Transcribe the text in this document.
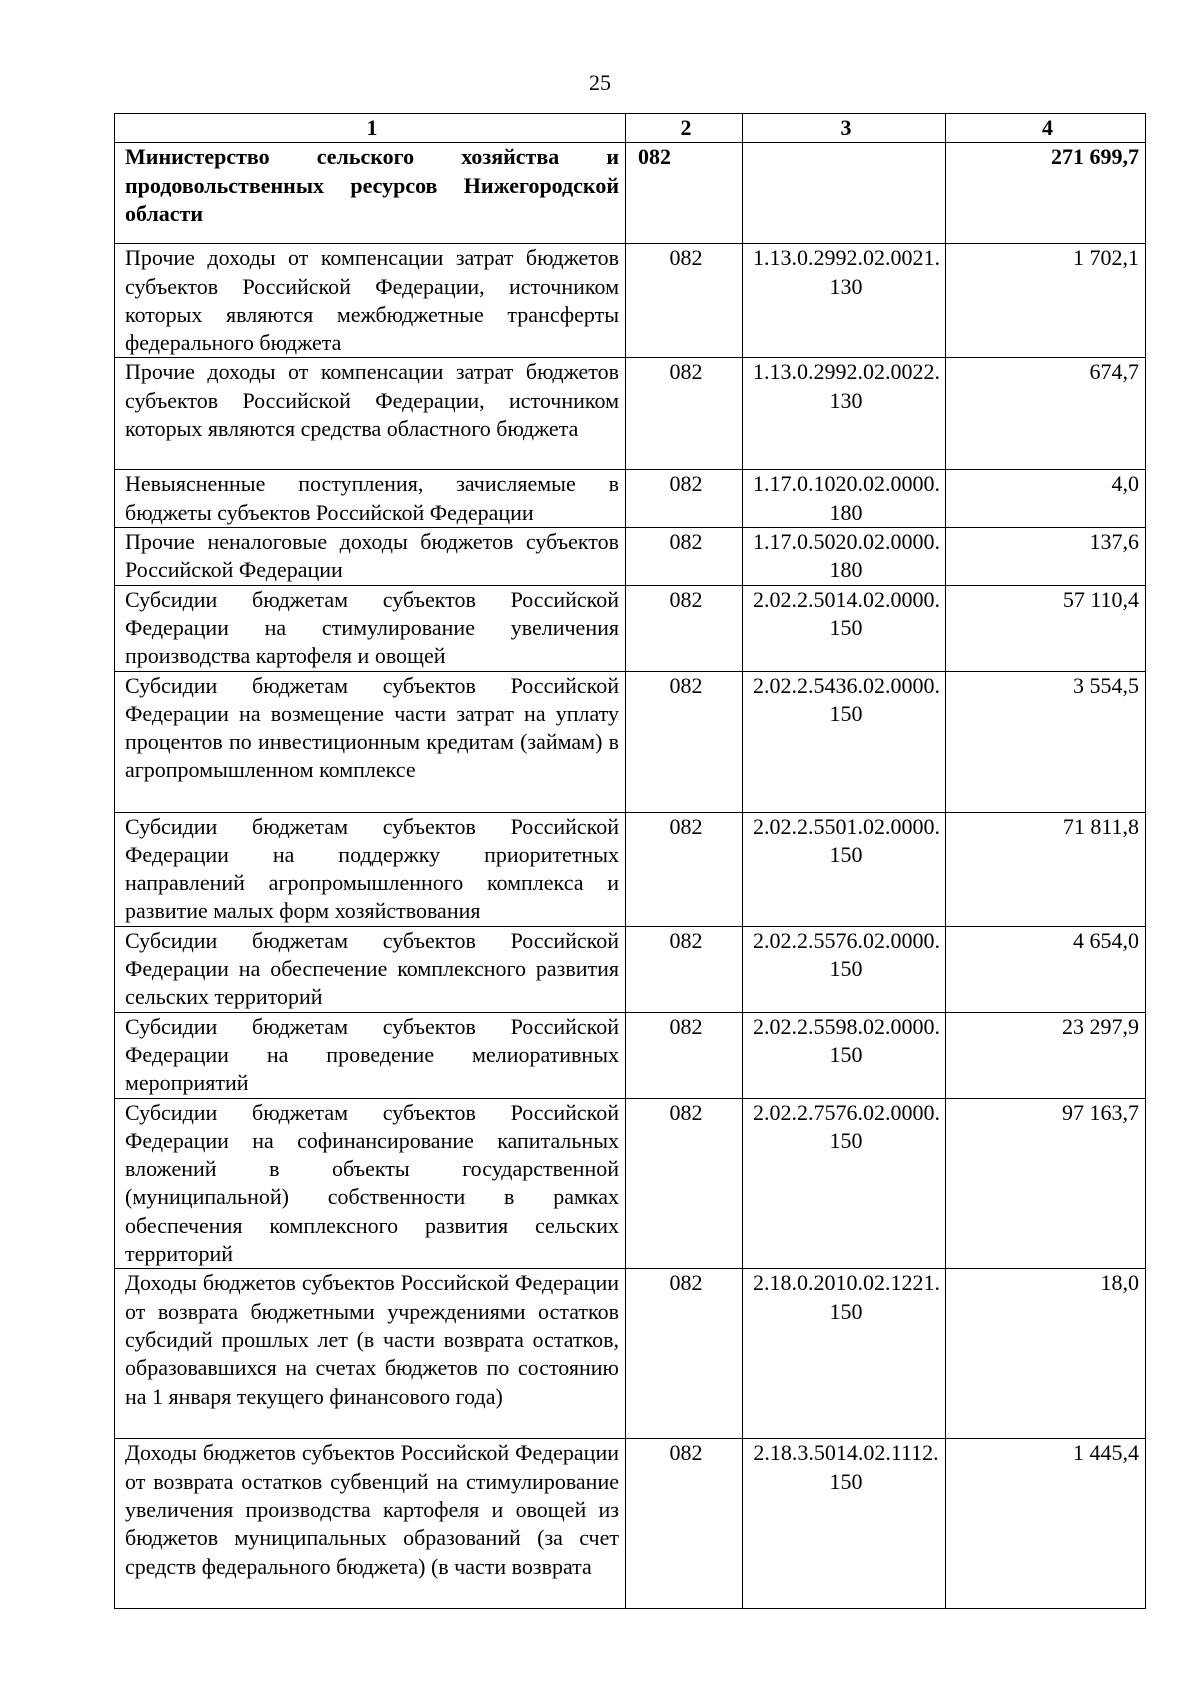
25
1	2	3	4
Министерство сельского хозяйства и продовольственных ресурсов Нижегородской области	082		271 699,7
Прочие доходы от компенсации затрат бюджетов субъектов Российской Федерации, источником которых являются межбюджетные трансферты федерального бюджета	082	1.13.0.2992.02.0021. 130	1 702,1
Прочие доходы от компенсации затрат бюджетов субъектов Российской Федерации, источником которых являются средства областного бюджета	082	1.13.0.2992.02.0022. 130	674,7
Невыясненные поступления, зачисляемые в бюджеты субъектов Российской Федерации	082	1.17.0.1020.02.0000. 180	4,0
Прочие неналоговые доходы бюджетов субъектов Российской Федерации	082	1.17.0.5020.02.0000. 180	137,6
Субсидии бюджетам субъектов Российской Федерации на стимулирование увеличения производства картофеля и овощей	082	2.02.2.5014.02.0000. 150	57 110,4
Субсидии бюджетам субъектов Российской Федерации на возмещение части затрат на уплату процентов по инвестиционным кредитам (займам) в агропромышленном комплексе	082	2.02.2.5436.02.0000. 150	3 554,5
Субсидии бюджетам субъектов Российской Федерации на поддержку приоритетных направлений агропромышленного комплекса и развитие малых форм хозяйствования	082	2.02.2.5501.02.0000. 150	71 811,8
Субсидии бюджетам субъектов Российской Федерации на обеспечение комплексного развития сельских территорий	082	2.02.2.5576.02.0000. 150	4 654,0
Субсидии бюджетам субъектов Российской Федерации на проведение мелиоративных мероприятий	082	2.02.2.5598.02.0000. 150	23 297,9
Субсидии бюджетам субъектов Российской Федерации на софинансирование капитальных вложений в объекты государственной (муниципальной) собственности в рамках обеспечения комплексного развития сельских территорий	082	2.02.2.7576.02.0000. 150	97 163,7
Доходы бюджетов субъектов Российской Федерации от возврата бюджетными учреждениями остатков субсидий прошлых лет (в части возврата остатков, образовавшихся на счетах бюджетов по состоянию на 1 января текущего финансового года)	082	2.18.0.2010.02.1221. 150	18,0
Доходы бюджетов субъектов Российской Федерации от возврата остатков субвенций на стимулирование увеличения производства картофеля и овощей из бюджетов муниципальных образований (за счет средств федерального бюджета) (в части возврата	082	2.18.3.5014.02.1112. 150	1 445,4
